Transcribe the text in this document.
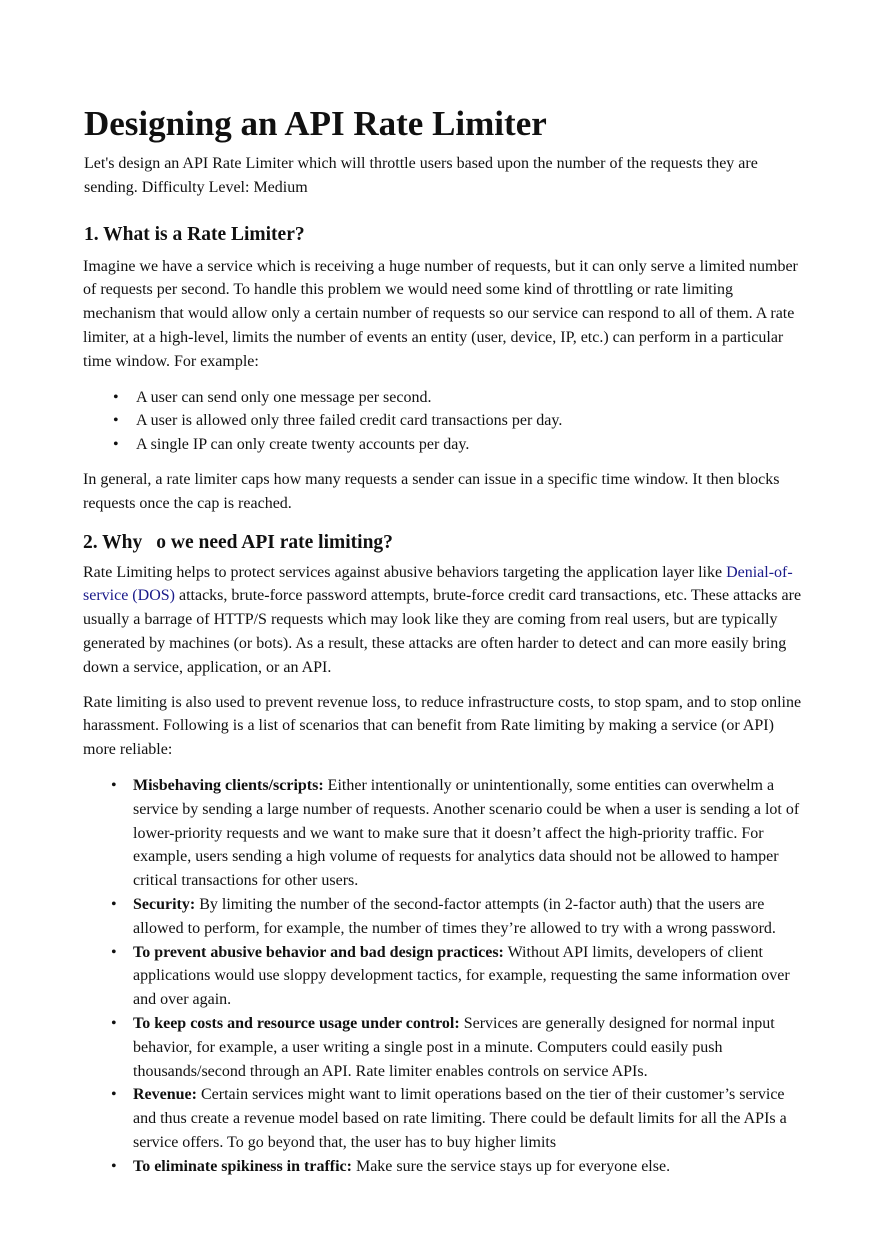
Designing an API Rate Limiter

Let's design an API Rate Limiter which will throttle users based upon the number of the requests they are sending. Difficulty Level: Medium

1. What is a Rate Limiter?

Imagine we have a service which is receiving a huge number of requests, but it can only serve a limited number of requests per second. To handle this problem we would need some kind of throttling or rate limiting mechanism that would allow only a certain number of requests so our service can respond to all of them. A rate limiter, at a high-level, limits the number of events an entity (user, device, IP, etc.) can perform in a particular time window. For example:

• A user can send only one message per second.
• A user is allowed only three failed credit card transactions per day.
• A single IP can only create twenty accounts per day.

In general, a rate limiter caps how many requests a sender can issue in a specific time window. It then blocks requests once the cap is reached.

2. Why o we need API rate limiting?

Rate Limiting helps to protect services against abusive behaviors targeting the application layer like Denial-of-service (DOS) attacks, brute-force password attempts, brute-force credit card transactions, etc. These attacks are usually a barrage of HTTP/S requests which may look like they are coming from real users, but are typically generated by machines (or bots). As a result, these attacks are often harder to detect and can more easily bring down a service, application, or an API.

Rate limiting is also used to prevent revenue loss, to reduce infrastructure costs, to stop spam, and to stop online harassment. Following is a list of scenarios that can benefit from Rate limiting by making a service (or API) more reliable:

• Misbehaving clients/scripts: Either intentionally or unintentionally, some entities can overwhelm a service by sending a large number of requests. Another scenario could be when a user is sending a lot of lower-priority requests and we want to make sure that it doesn’t affect the high-priority traffic. For example, users sending a high volume of requests for analytics data should not be allowed to hamper critical transactions for other users.
• Security: By limiting the number of the second-factor attempts (in 2-factor auth) that the users are allowed to perform, for example, the number of times they’re allowed to try with a wrong password.
• To prevent abusive behavior and bad design practices: Without API limits, developers of client applications would use sloppy development tactics, for example, requesting the same information over and over again.
• To keep costs and resource usage under control: Services are generally designed for normal input behavior, for example, a user writing a single post in a minute. Computers could easily push thousands/second through an API. Rate limiter enables controls on service APIs.
• Revenue: Certain services might want to limit operations based on the tier of their customer’s service and thus create a revenue model based on rate limiting. There could be default limits for all the APIs a service offers. To go beyond that, the user has to buy higher limits
• To eliminate spikiness in traffic: Make sure the service stays up for everyone else.
